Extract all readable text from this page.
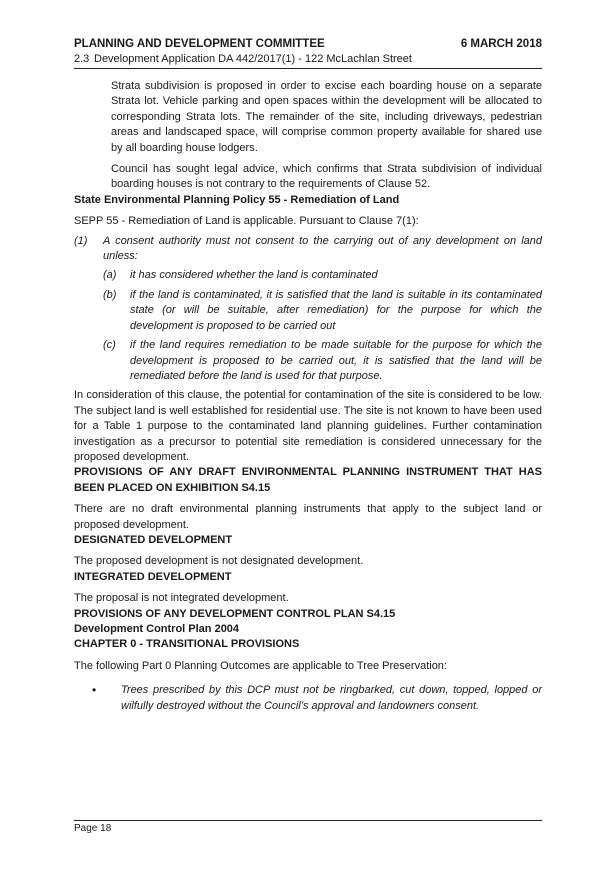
PLANNING AND DEVELOPMENT COMMITTEE	6 MARCH 2018
2.3 Development Application DA 442/2017(1) - 122 McLachlan Street

Strata subdivision is proposed in order to excise each boarding house on a separate Strata lot. Vehicle parking and open spaces within the development will be allocated to corresponding Strata lots. The remainder of the site, including driveways, pedestrian areas and landscaped space, will comprise common property available for shared use by all boarding house lodgers.

Council has sought legal advice, which confirms that Strata subdivision of individual boarding houses is not contrary to the requirements of Clause 52.

State Environmental Planning Policy 55 - Remediation of Land

SEPP 55 - Remediation of Land is applicable. Pursuant to Clause 7(1):

(1)	A consent authority must not consent to the carrying out of any development on land unless:
(a)	it has considered whether the land is contaminated
(b)	if the land is contaminated, it is satisfied that the land is suitable in its contaminated state (or will be suitable, after remediation) for the purpose for which the development is proposed to be carried out
(c)	if the land requires remediation to be made suitable for the purpose for which the development is proposed to be carried out, it is satisfied that the land will be remediated before the land is used for that purpose.

In consideration of this clause, the potential for contamination of the site is considered to be low. The subject land is well established for residential use. The site is not known to have been used for a Table 1 purpose to the contaminated land planning guidelines. Further contamination investigation as a precursor to potential site remediation is considered unnecessary for the proposed development.

PROVISIONS OF ANY DRAFT ENVIRONMENTAL PLANNING INSTRUMENT THAT HAS BEEN PLACED ON EXHIBITION S4.15

There are no draft environmental planning instruments that apply to the subject land or proposed development.

DESIGNATED DEVELOPMENT

The proposed development is not designated development.

INTEGRATED DEVELOPMENT

The proposal is not integrated development.

PROVISIONS OF ANY DEVELOPMENT CONTROL PLAN S4.15

Development Control Plan 2004

CHAPTER 0 - TRANSITIONAL PROVISIONS

The following Part 0 Planning Outcomes are applicable to Tree Preservation:

•	Trees prescribed by this DCP must not be ringbarked, cut down, topped, lopped or wilfully destroyed without the Council’s approval and landowners consent.
Page 18
